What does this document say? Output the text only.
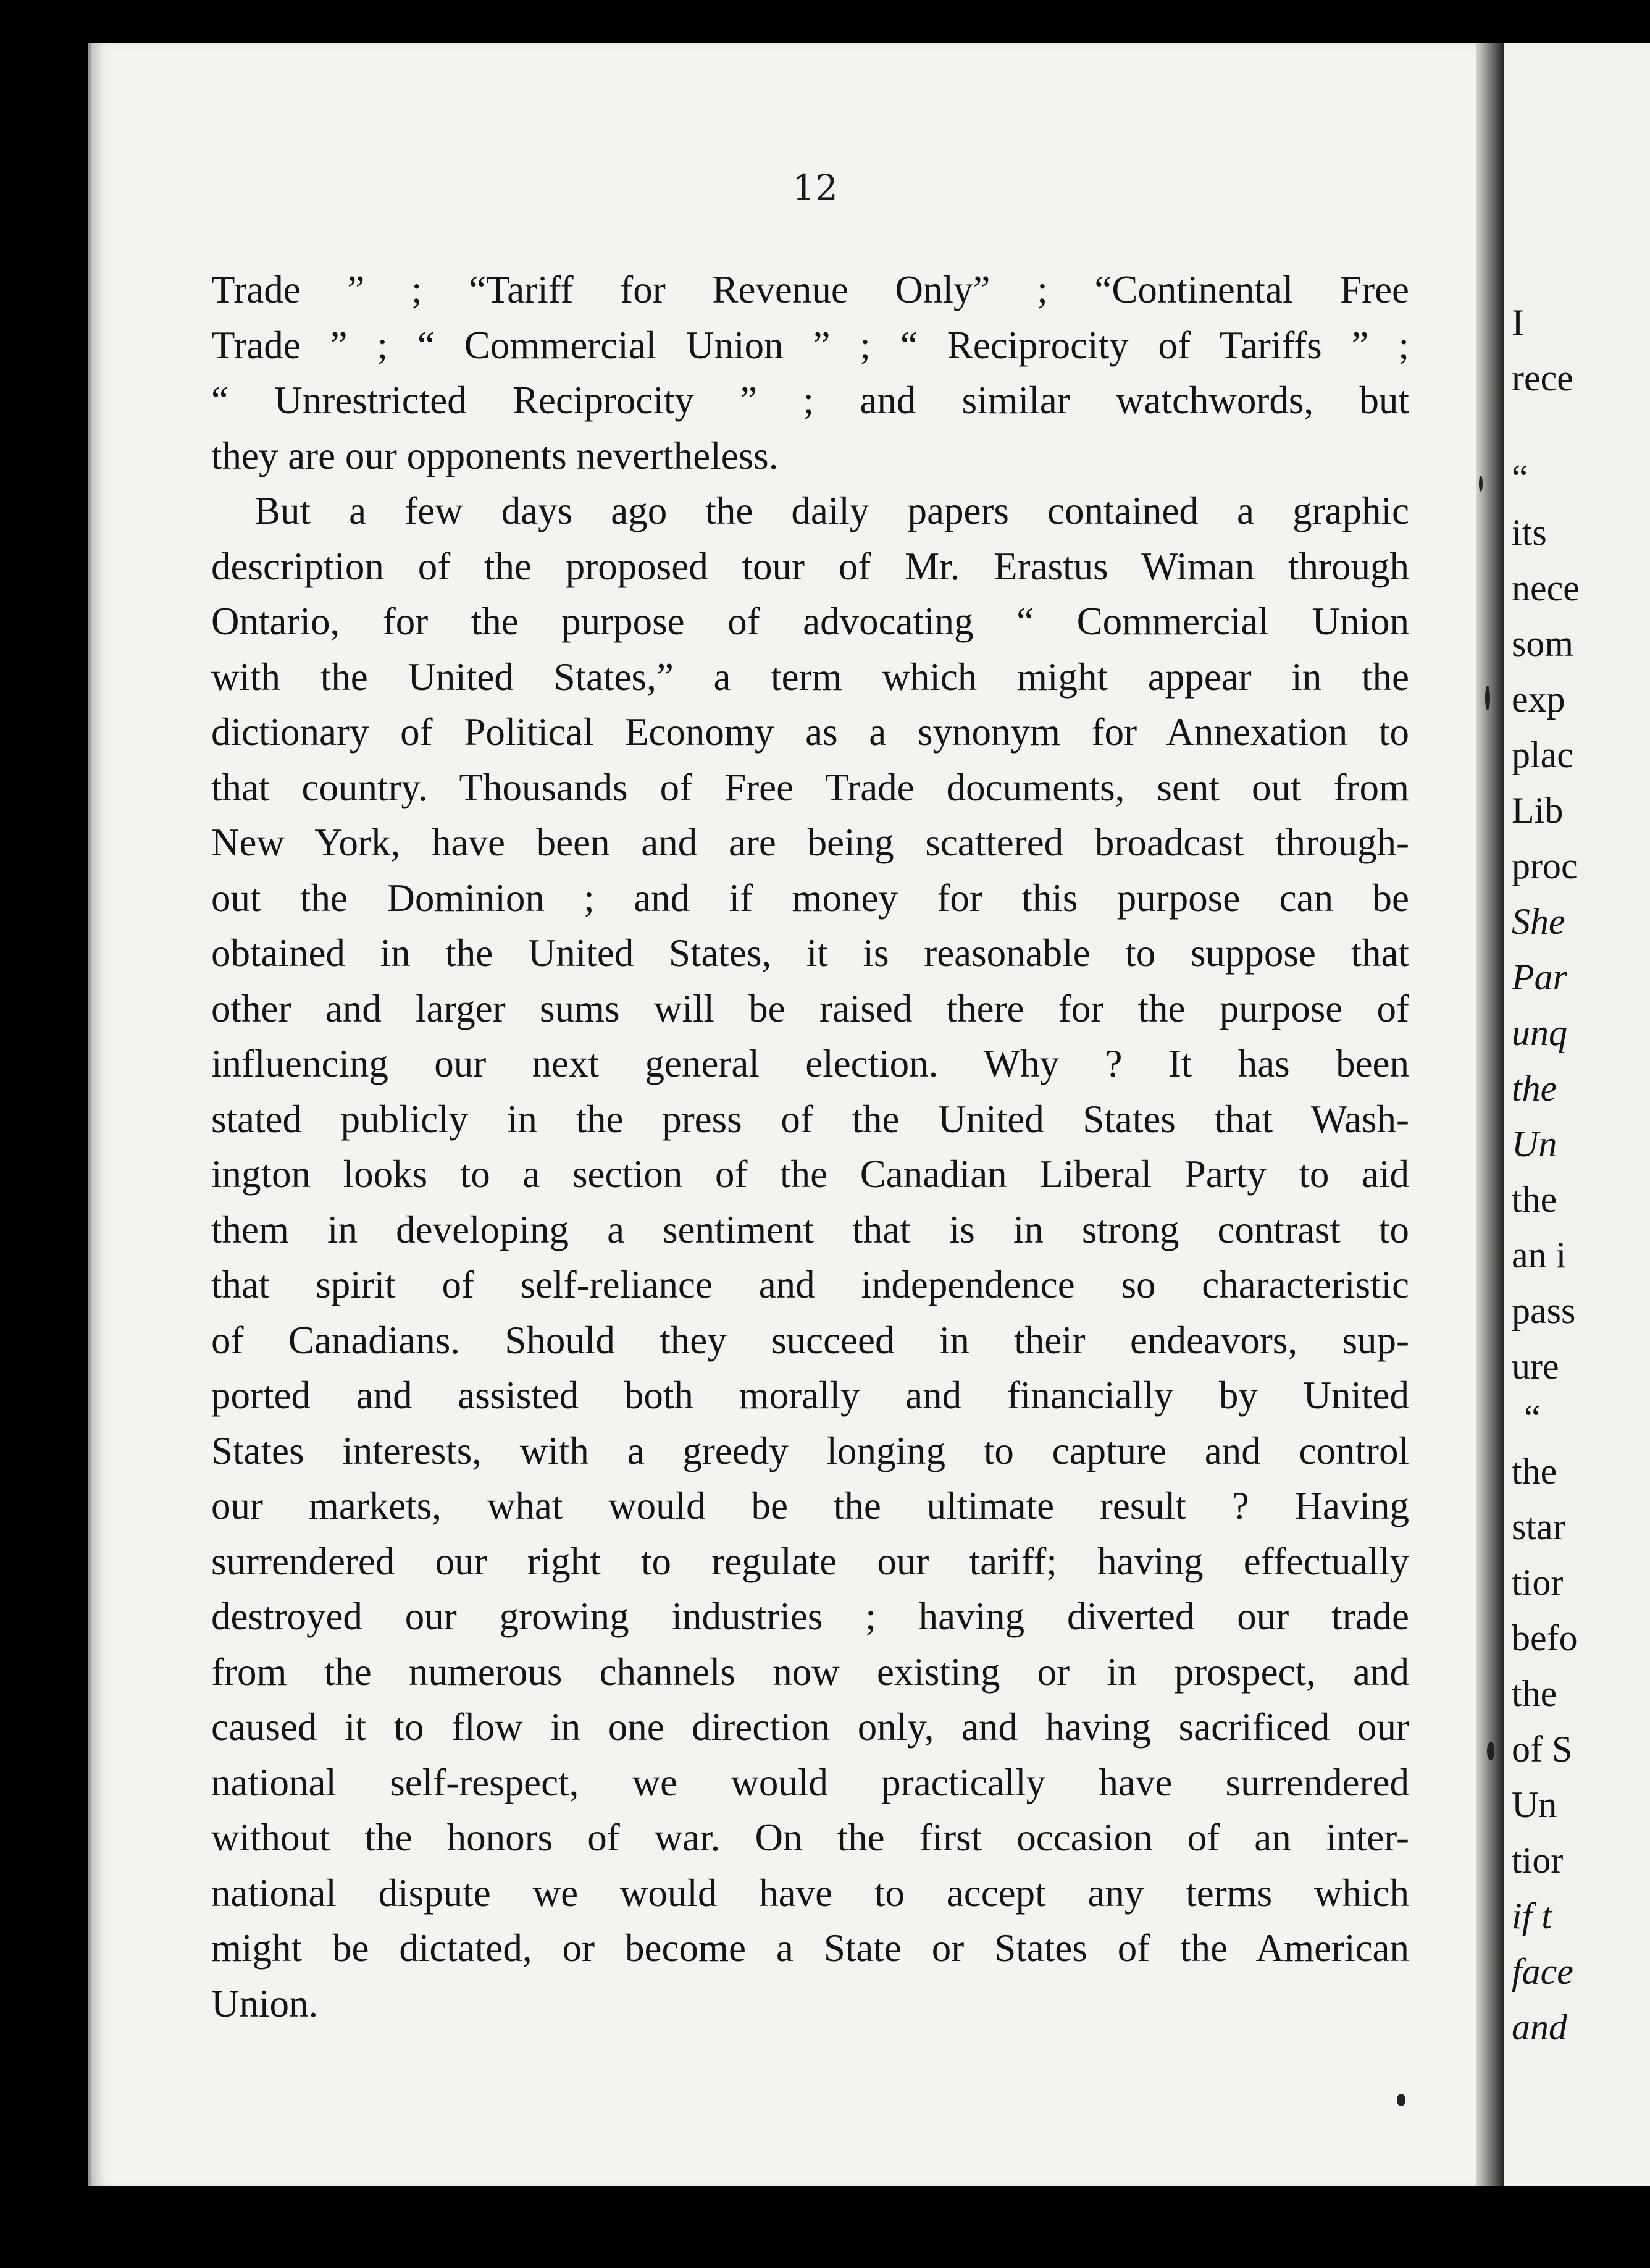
12
Trade ” ; “Tariff for Revenue Only” ; “Continental Free
Trade ” ; “ Commercial Union ” ; “ Reciprocity of Tariffs ” ;
“ Unrestricted Reciprocity ” ; and similar watchwords, but
they are our opponents nevertheless.
But a few days ago the daily papers contained a graphic
description of the proposed tour of Mr. Erastus Wiman through
Ontario, for the purpose of advocating “ Commercial Union
with the United States,” a term which might appear in the
dictionary of Political Economy as a synonym for Annexation to
that country. Thousands of Free Trade documents, sent out from
New York, have been and are being scattered broadcast through-
out the Dominion ; and if money for this purpose can be
obtained in the United States, it is reasonable to suppose that
other and larger sums will be raised there for the purpose of
influencing our next general election. Why ? It has been
stated publicly in the press of the United States that Wash-
ington looks to a section of the Canadian Liberal Party to aid
them in developing a sentiment that is in strong contrast to
that spirit of self-reliance and independence so characteristic
of Canadians. Should they succeed in their endeavors, sup-
ported and assisted both morally and financially by United
States interests, with a greedy longing to capture and control
our markets, what would be the ultimate result ? Having
surrendered our right to regulate our tariff; having effectually
destroyed our growing industries ; having diverted our trade
from the numerous channels now existing or in prospect, and
caused it to flow in one direction only, and having sacrificed our
national self-respect, we would practically have surrendered
without the honors of war. On the first occasion of an inter-
national dispute we would have to accept any terms which
might be dictated, or become a State or States of the American
Union.
I
rece
“
its
nece
som
exp
plac
Lib
proc
She
Par
unq
the
Un
the
an i
pass
ure
“
the
star
tior
befo
the
of S
Un
tior
if t
face
and
